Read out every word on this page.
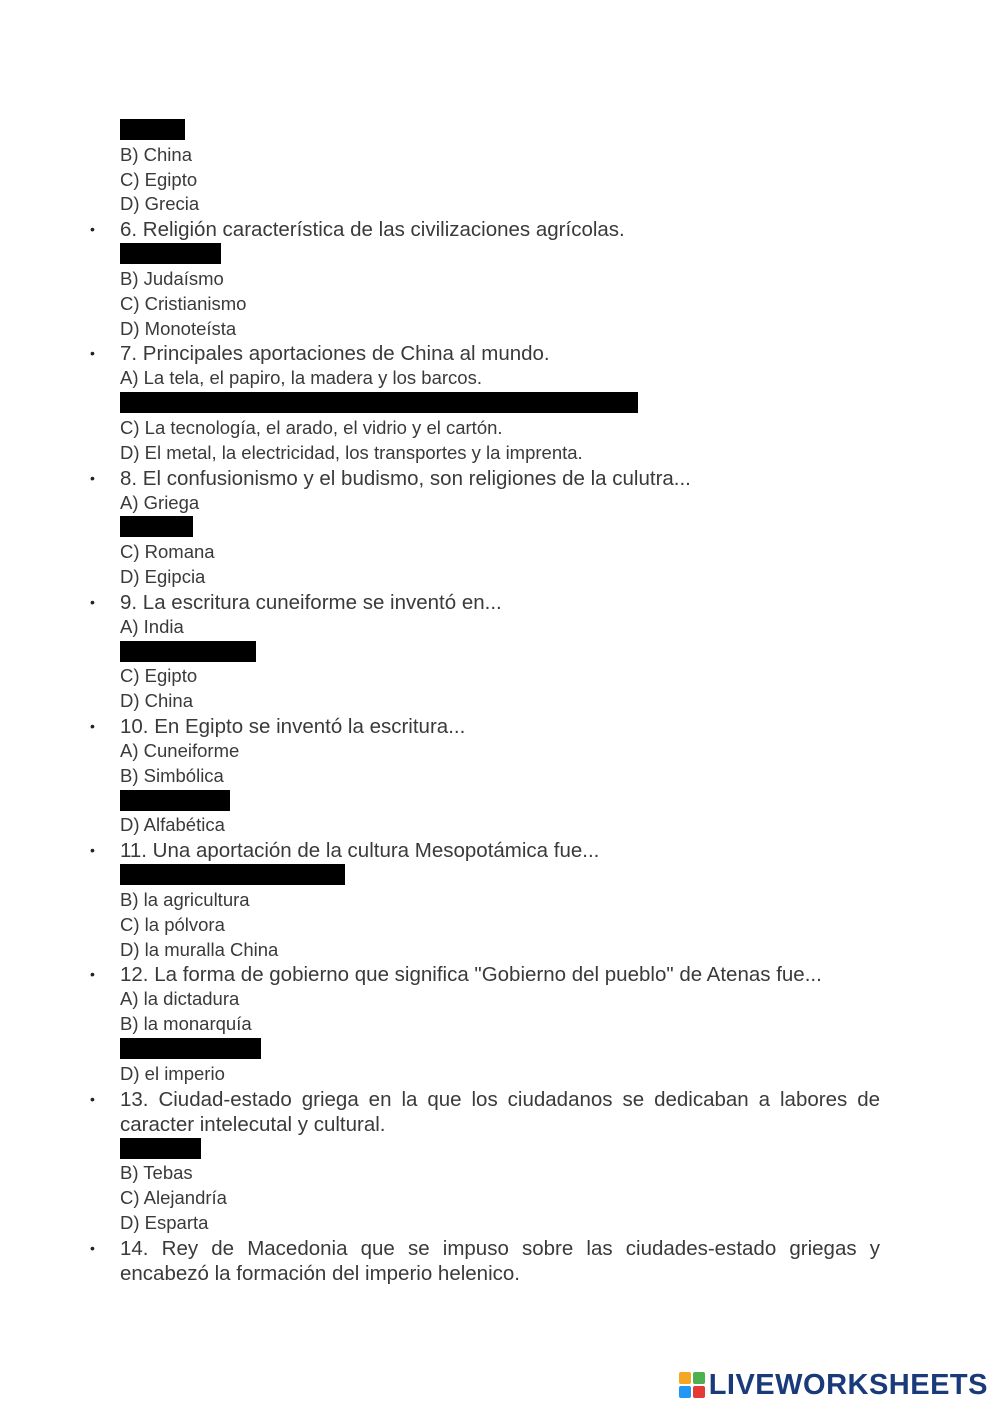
A) India
B) China
C) Egipto
D) Grecia
• 6. Religión característica de las civilizaciones agrícolas.
A) Politeísta
B) Judaísmo
C) Cristianismo
D) Monoteísta
• 7. Principales aportaciones de China al mundo.
A) La tela, el papiro, la madera y los barcos.
B) La pólvora, la Gran Muralla, el papel, la seda y la porcelana.
C) La tecnología, el arado, el vidrio y el cartón.
D) El metal, la electricidad, los transportes y la imprenta.
• 8. El confusionismo y el budismo, son religiones de la culutra...
A) Griega
B) China
C) Romana
D) Egipcia
• 9. La escritura cuneiforme se inventó en...
A) India
B) Mesopotamia
C) Egipto
D) China
• 10. En Egipto se inventó la escritura...
A) Cuneiforme
B) Simbólica
C) Jeroglífica
D) Alfabética
• 11. Una aportación de la cultura Mesopotámica fue...
A) el código de Hammurabi
B) la agricultura
C) la pólvora
D) la muralla China
• 12. La forma de gobierno que significa "Gobierno del pueblo" de Atenas fue...
A) la dictadura
B) la monarquía
C) la democracia
D) el imperio
• 13. Ciudad-estado griega en la que los ciudadanos se dedicaban a labores de caracter intelecutal y cultural.
A) Atenas
B) Tebas
C) Alejandría
D) Esparta
• 14. Rey de Macedonia que se impuso sobre las ciudades-estado griegas y encabezó la formación del imperio helenico.
LIVEWORKSHEETS
